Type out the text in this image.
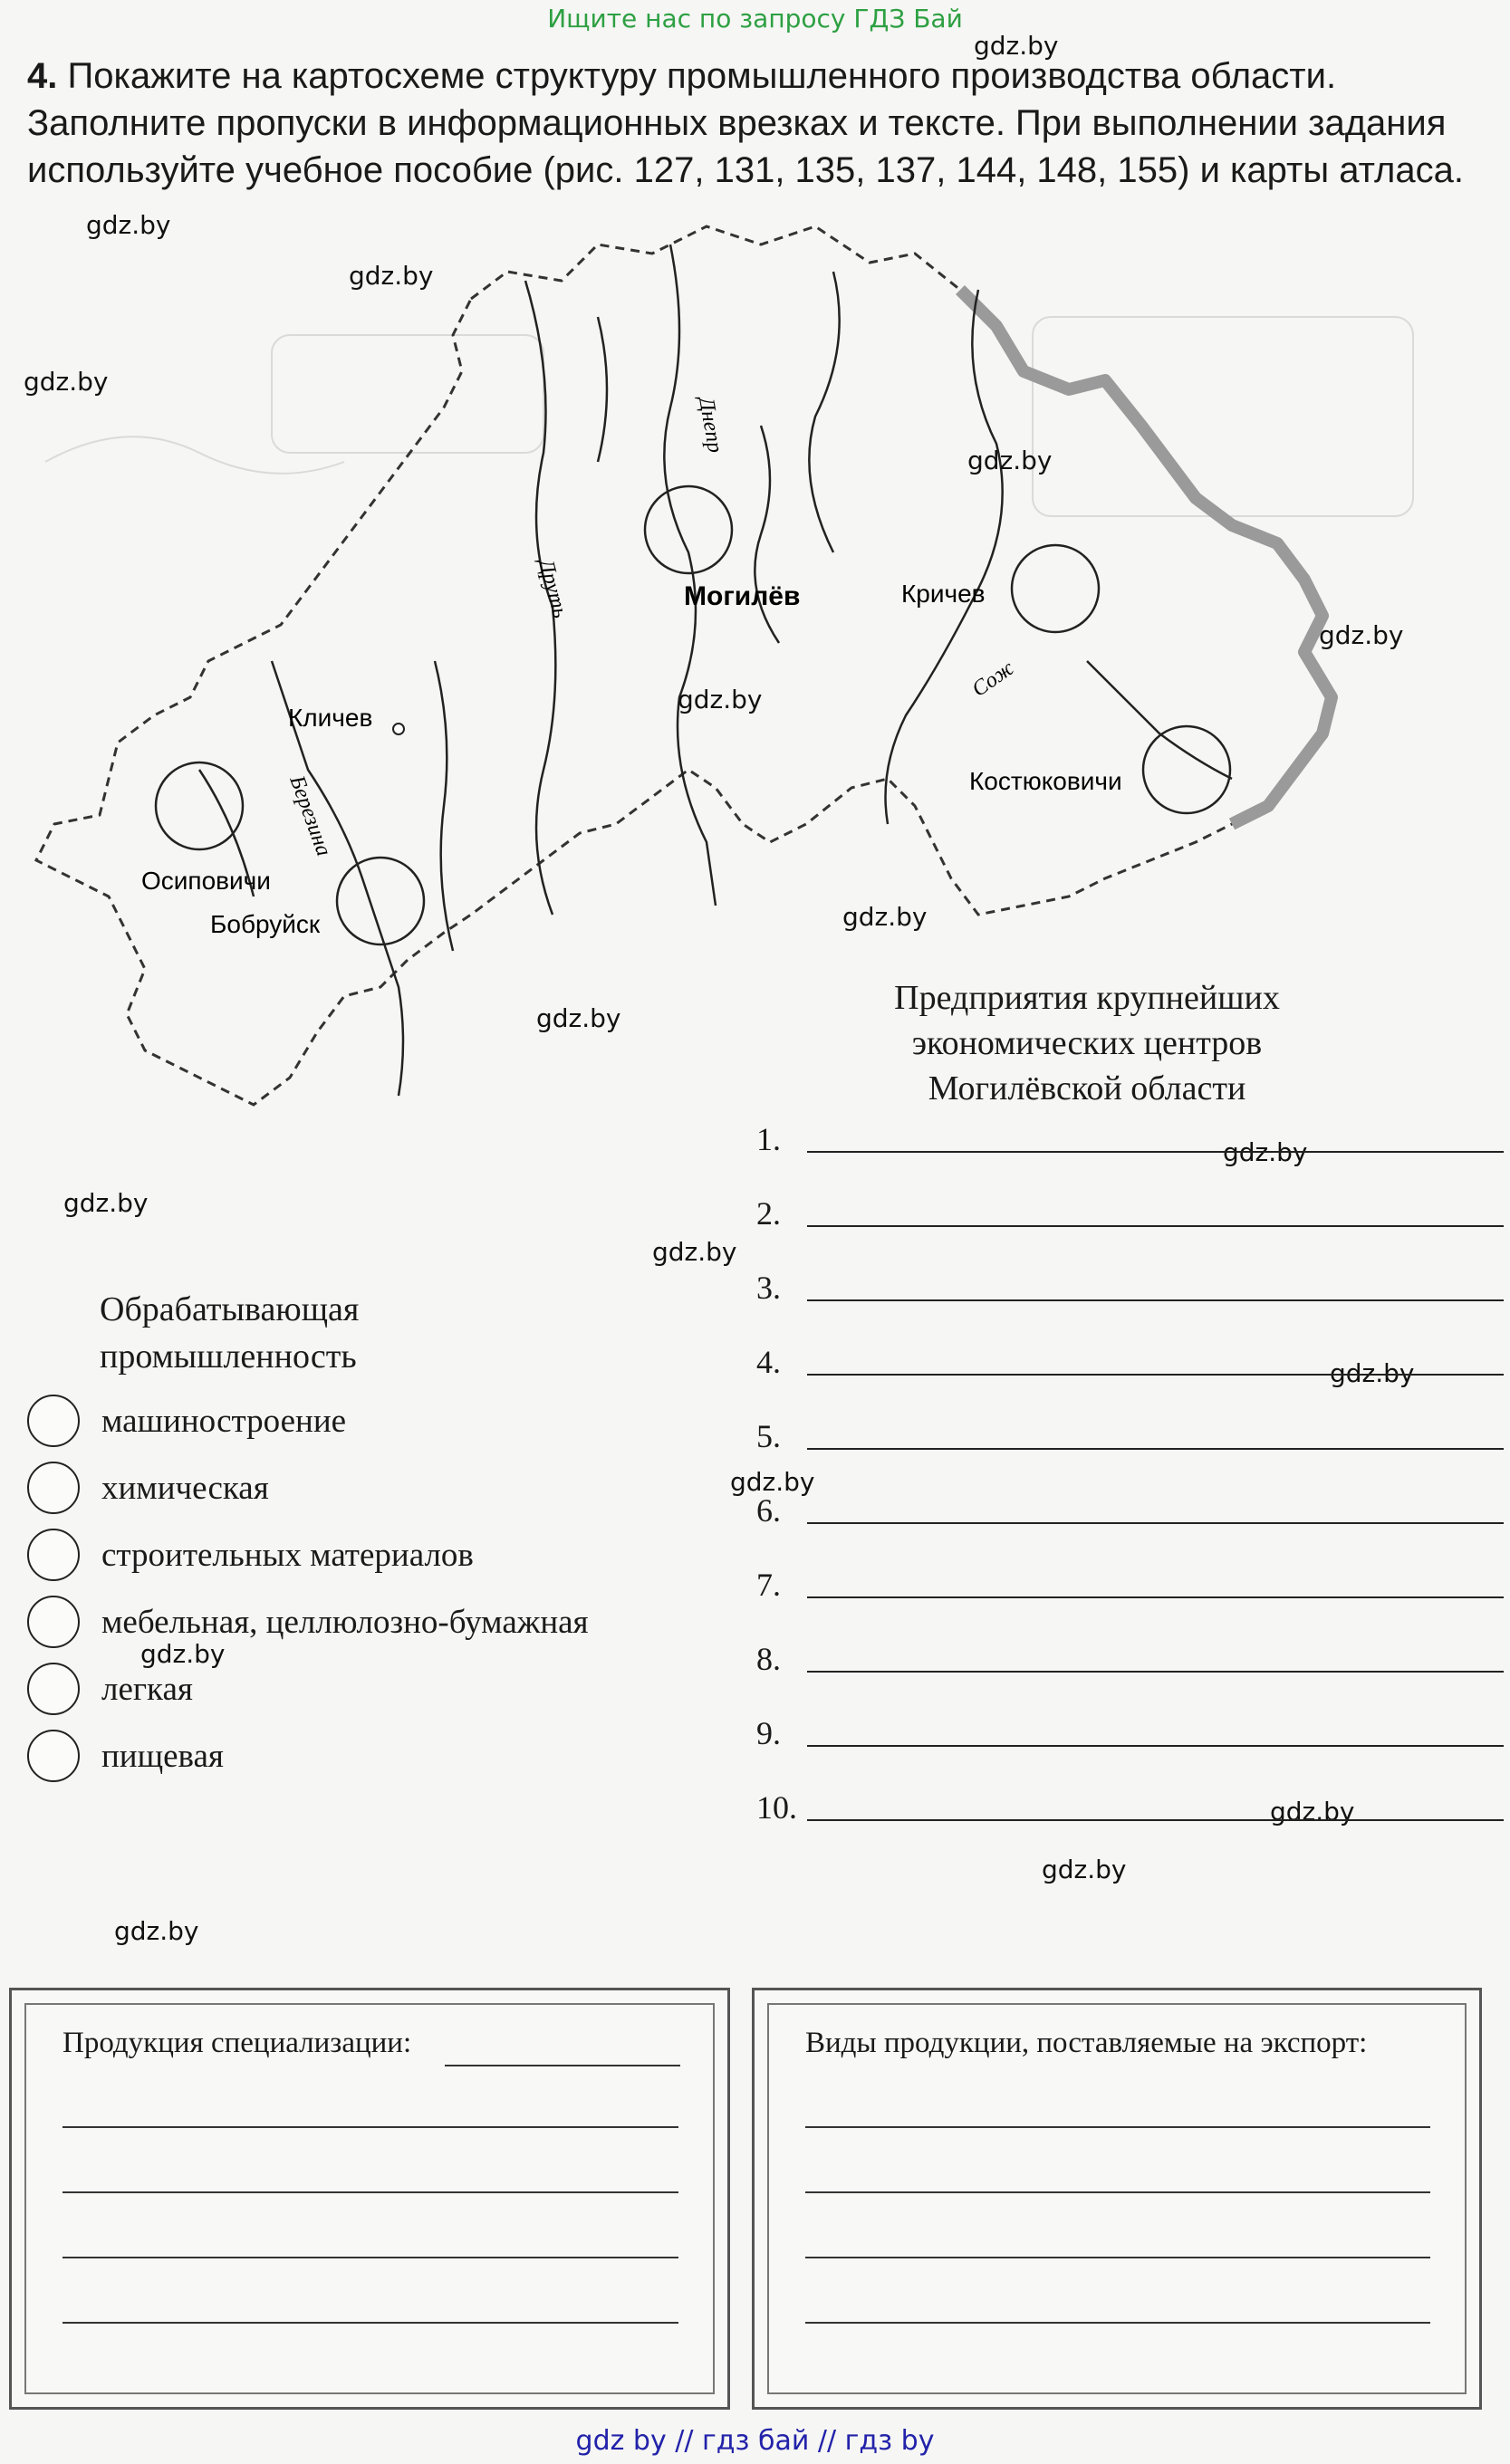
Ищите нас по запросу ГДЗ Бай
4. Покажите на картосхеме структуру промышленного производства области. Заполните пропуски в информационных врезках и тексте. При выполнении задания используйте учебное пособие (рис. 127, 131, 135, 137, 144, 148, 155) и карты атласа.
Могилёв	Кричев
Кличев
Осиповичи
Бобруйск
Костюковичи
Днепр
Друть
Березина
Сож
gdz.by
gdz.by
gdz.by
gdz.by
gdz.by
gdz.by
gdz.by
gdz.by
gdz.by
gdz.by
gdz.by
gdz.by
gdz.by
gdz.by
gdz.by
gdz.by
gdz.by
gdz.by
Предприятия крупнейших
экономических центров
Могилёвской области
1.
2.
3.
4.
5.
6.
7.
8.
9.
10.
Обрабатывающая
промышленность
машиностроение
химическая
строительных материалов
мебельная, целлюлозно-бумажная
легкая
пищевая
Продукция специализации:	Виды продукции, поставляемые на экспорт:
gdz by // гдз бай // гдз by
